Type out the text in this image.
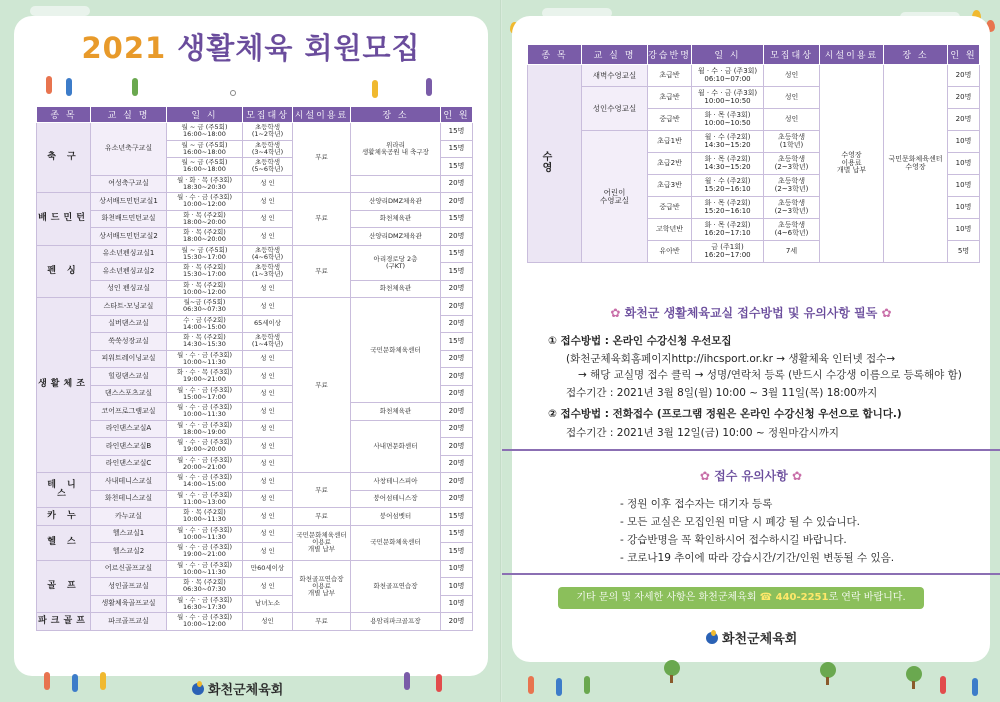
2021 생활체육 회원모집
종 목	교 실 명	일 시	모집대상	시설이용료	장 소	인 원
축 구	유소년축구교실	월 ~ 금 (주5회)
16:00~18:00	초등학생
(1~2학년)	무료	위라리
생활체육공원 내 축구장	15명
		월 ~ 금 (주5회)
16:00~18:00	초등학생
(3~4학년)			15명
		월 ~ 금 (주5회)
16:00~18:00	초등학생
(5~6학년)			15명
	여성축구교실	월 · 화 · 목 (주3회)
18:30~20:30	성 인			20명
배드민턴	상서배드민턴교실1	월 · 수 · 금 (주3회)
10:00~12:00	성 인	무료	산양리DMZ체육관	20명
	화천배드민턴교실	화 · 목 (주2회)
18:00~20:00	성 인		화천체육관	15명
	상서배드민턴교실2	화 · 목 (주2회)
18:00~20:00	성 인		산양리DMZ체육관	20명
펜 싱	유소년펜싱교실1	월 ~ 금 (주5회)
15:30~17:00	초등학생
(4~6학년)	무료	아리경로당 2층
(구KT)	15명
	유소년펜싱교실2	화 · 목 (주2회)
15:30~17:00	초등학생
(1~3학년)			15명
	성인 펜싱교실	화 · 목 (주2회)
10:00~12:00	성 인		화천체육관	20명
생활체조	스타트-모닝교실	월~금 (주5회)
06:30~07:30	성 인	무료	국민문화체육센터	20명
	실버댄스교실	수 · 금 (주2회)
14:00~15:00	65세이상			20명
	쑥쑥성장교실	화 · 목 (주2회)
14:30~15:30	초등학생
(1~4학년)			15명
	피워트레이닝교실	월 · 수 · 금 (주3회)
10:00~11:30	성 인			20명
	힐링댄스교실	화 · 수 · 목 (주3회)
19:00~21:00	성 인			20명
	댄스스포츠교실	월 · 수 · 금 (주3회)
15:00~17:00	성 인			20명
	코어프로그램교실	월 · 수 · 금 (주3회)
10:00~11:30	성 인		화천체육관	20명
	라인댄스교실A	월 · 수 · 금 (주3회)
18:00~19:00	성 인		사내면문화센터	20명
	라인댄스교실B	월 · 수 · 금 (주3회)
19:00~20:00	성 인			20명
	라인댄스교실C	월 · 수 · 금 (주3회)
20:00~21:00	성 인			20명
테 니 스	사내테니스교실	월 · 수 · 금 (주3회)
14:00~15:00	성 인	무료	사창테니스피아	20명
	화천테니스교실	월 · 수 · 금 (주3회)
11:00~13:00	성 인		붕어섬테니스장	20명
카 누	카누교실	화 · 목 (주2회)
10:00~11:30	성 인	무료	붕어섬벳터	15명
헬 스	헬스교실1	월 · 수 · 금 (주3회)
10:00~11:30	성 인	국민문화체육센터
이용료
개별 납부	국민문화체육센터	15명
	헬스교실2	월 · 수 · 금 (주3회)
19:00~21:00	성 인			15명
골 프	어르신골프교실	월 · 수 · 금 (주3회)
10:00~11:30	만60세이상	화천골프연습장
이용료
개별 납부	화천골프연습장	10명
	성인골프교실	화 · 목 (주2회)
06:30~07:30	성 인			10명
	생활체육골프교실	월 · 수 · 금 (주3회)
16:30~17:30	남녀노소			10명
파크골프	파크골프교실	월 · 수 · 금 (주3회)
10:00~12:00	성인	무료	용암리파크골프장	20명
화천군체육회
종 목	교 실 명	강습반명	일 시	모집대상	시설이용료	장 소	인 원
수 영	새벽수영교실	초급반	월 · 수 · 금 (주3회)
06:10~07:00	성인	수영장
이용료
개별 납부	국민문화체육센터
수영장	20명
	성인수영교실	초급반	월 · 수 · 금 (주3회)
10:00~10:50	성인			20명
		중급반	화 · 목 (주3회)
10:00~10:50	성인			20명
	어린이
수영교실	초급1반	월 · 수 (주2회)
14:30~15:20	초등학생
(1학년)			10명
		초급2반	화 · 목 (주2회)
14:30~15:20	초등학생
(2~3학년)			10명
		초급3반	월 · 수 (주2회)
15:20~16:10	초등학생
(2~3학년)			10명
		중급반	화 · 목 (주2회)
15:20~16:10	초등학생
(2~3학년)			10명
		고학년반	화 · 목 (주2회)
16:20~17:10	초등학생
(4~6학년)			10명
		유아반	금 (주1회)
16:20~17:00	7세			5명
✿ 화천군 생활체육교실 접수방법 및 유의사항 필독 ✿
① 접수방법 : 온라인 수강신청 우선모집
(화천군체육회홈페이지http://ihcsport.or.kr → 생활체육 인터넷 접수→
→ 해당 교실명 접수 클릭 → 성명/연락처 등록 (반드시 수강생 이름으로 등록해야 함)
접수기간 : 2021년 3월 8일(월) 10:00 ~ 3월 11일(목) 18:00까지
② 접수방법 : 전화접수 (프로그램 정원은 온라인 수강신청 우선으로 합니다.)
접수기간 : 2021년 3월 12일(금) 10:00 ~ 정원마감시까지
✿ 접수 유의사항 ✿
- 정원 이후 접수자는 대기자 등록
- 모든 교실은 모집인원 미달 시 폐강 될 수 있습니다.
- 강습반명을 꼭 확인하시어 접수하시길 바랍니다.
- 코로나19 추이에 따라 강습시간/기간/인원 변동될 수 있음.
기타 문의 및 자세한 사항은 화천군체육회 ☎ 440-2251로 연락 바랍니다.
화천군체육회
